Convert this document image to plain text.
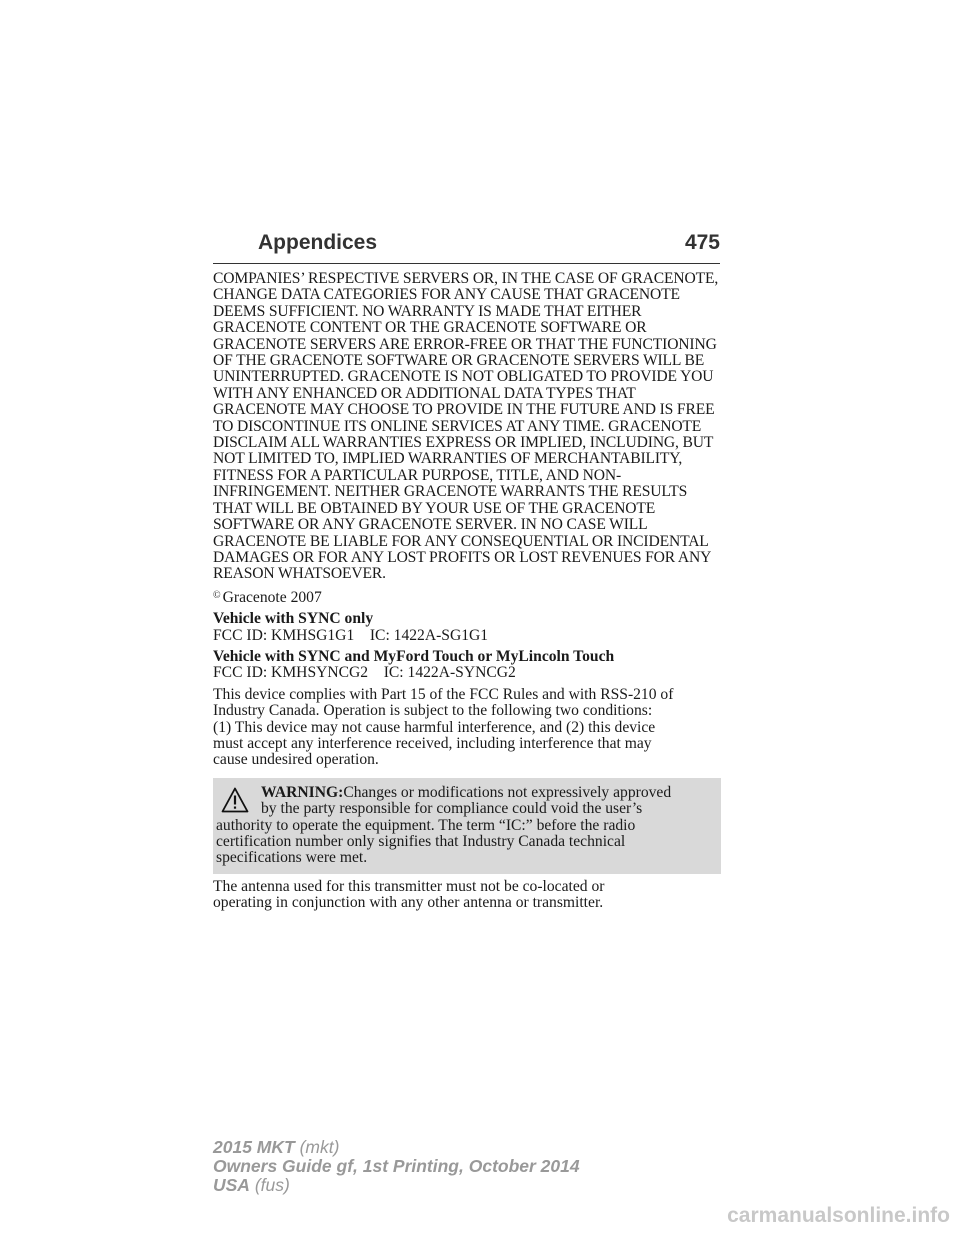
Appendices	475

COMPANIES’ RESPECTIVE SERVERS OR, IN THE CASE OF GRACENOTE, CHANGE DATA CATEGORIES FOR ANY CAUSE THAT GRACENOTE DEEMS SUFFICIENT. NO WARRANTY IS MADE THAT EITHER GRACENOTE CONTENT OR THE GRACENOTE SOFTWARE OR GRACENOTE SERVERS ARE ERROR-FREE OR THAT THE FUNCTIONING OF THE GRACENOTE SOFTWARE OR GRACENOTE SERVERS WILL BE UNINTERRUPTED. GRACENOTE IS NOT OBLIGATED TO PROVIDE YOU WITH ANY ENHANCED OR ADDITIONAL DATA TYPES THAT GRACENOTE MAY CHOOSE TO PROVIDE IN THE FUTURE AND IS FREE TO DISCONTINUE ITS ONLINE SERVICES AT ANY TIME. GRACENOTE DISCLAIM ALL WARRANTIES EXPRESS OR IMPLIED, INCLUDING, BUT NOT LIMITED TO, IMPLIED WARRANTIES OF MERCHANTABILITY, FITNESS FOR A PARTICULAR PURPOSE, TITLE, AND NON-INFRINGEMENT. NEITHER GRACENOTE WARRANTS THE RESULTS THAT WILL BE OBTAINED BY YOUR USE OF THE GRACENOTE SOFTWARE OR ANY GRACENOTE SERVER. IN NO CASE WILL GRACENOTE BE LIABLE FOR ANY CONSEQUENTIAL OR INCIDENTAL DAMAGES OR FOR ANY LOST PROFITS OR LOST REVENUES FOR ANY REASON WHATSOEVER.

© Gracenote 2007

Vehicle with SYNC only

FCC ID: KMHSG1G1 IC: 1422A-SG1G1

Vehicle with SYNC and MyFord Touch or MyLincoln Touch

FCC ID: KMHSYNCG2 IC: 1422A-SYNCG2

This device complies with Part 15 of the FCC Rules and with RSS-210 of
Industry Canada. Operation is subject to the following two conditions:
(1) This device may not cause harmful interference, and (2) this device
must accept any interference received, including interference that may
cause undesired operation.

WARNING:Changes or modifications not expressively approved
by the party responsible for compliance could void the user’s
authority to operate the equipment. The term “IC:” before the radio
certification number only signifies that Industry Canada technical
specifications were met.

The antenna used for this transmitter must not be co-located or
operating in conjunction with any other antenna or transmitter.

2015 MKT (mkt)
Owners Guide gf, 1st Printing, October 2014
USA (fus)
carmanualsonline.info
